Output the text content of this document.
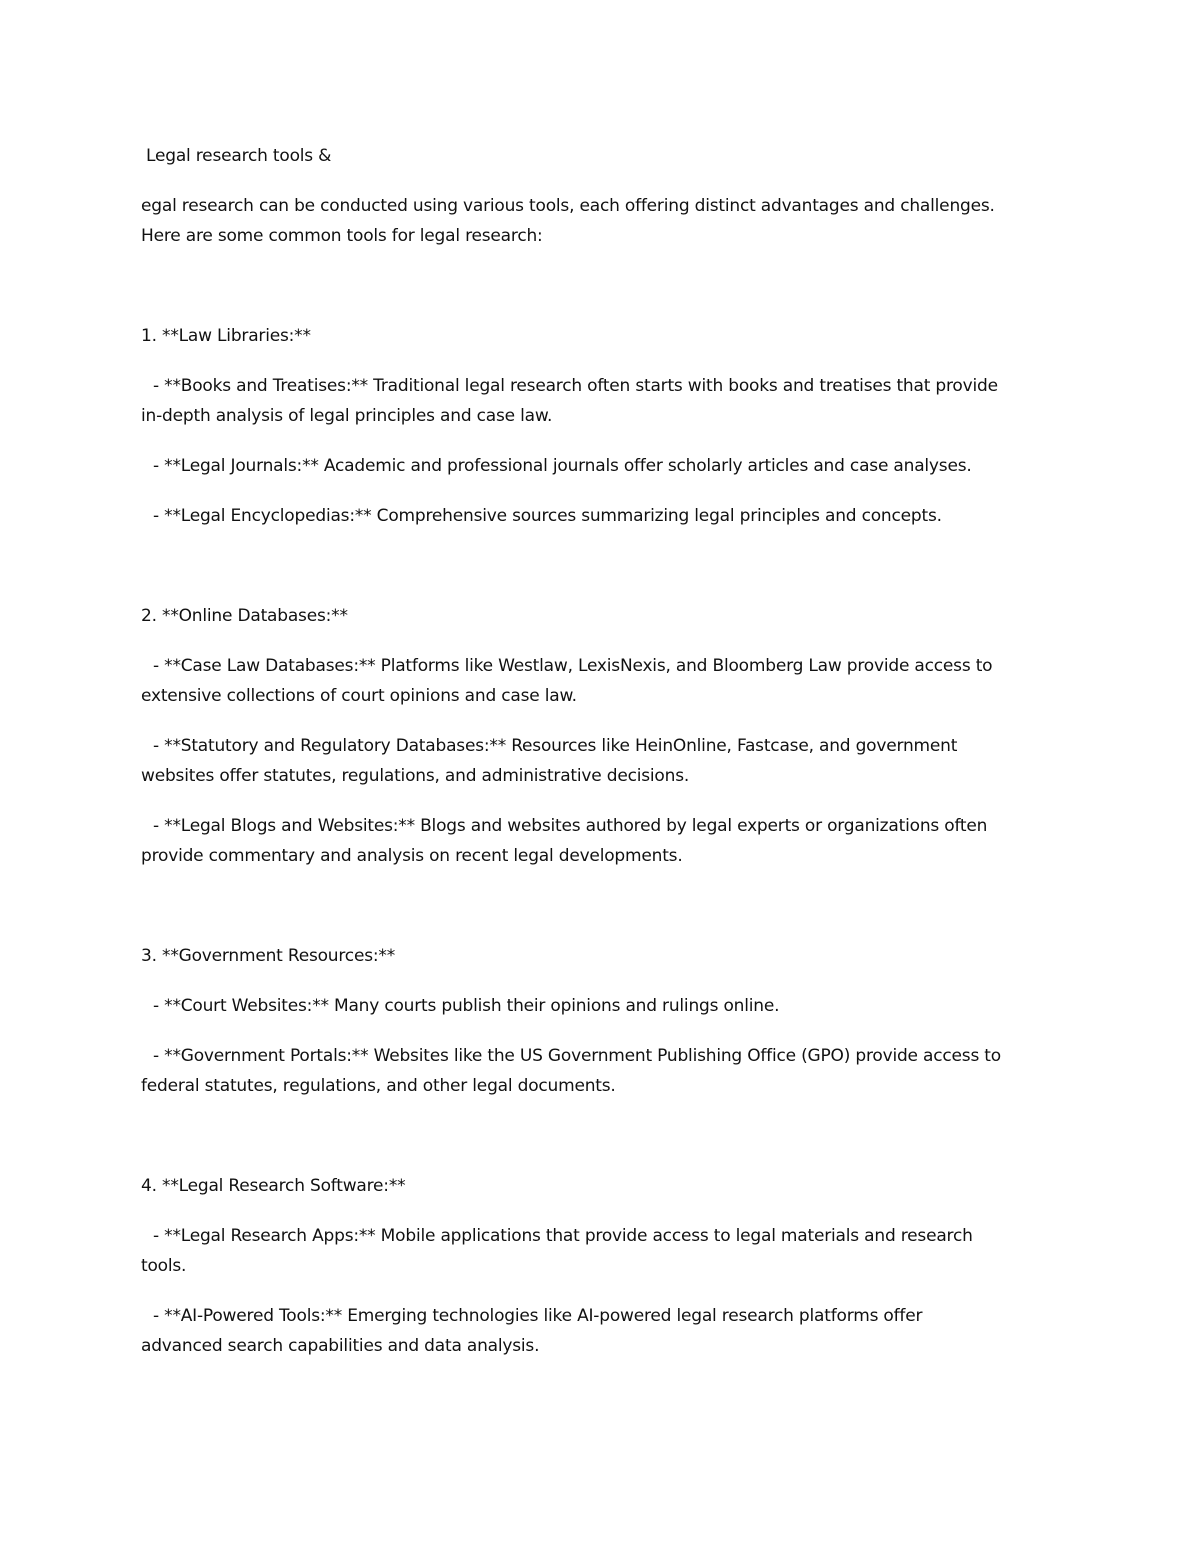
Legal research tools &
egal research can be conducted using various tools, each offering distinct advantages and challenges.
Here are some common tools for legal research:
1. **Law Libraries:**
- **Books and Treatises:** Traditional legal research often starts with books and treatises that provide
in-depth analysis of legal principles and case law.
- **Legal Journals:** Academic and professional journals offer scholarly articles and case analyses.
- **Legal Encyclopedias:** Comprehensive sources summarizing legal principles and concepts.
2. **Online Databases:**
- **Case Law Databases:** Platforms like Westlaw, LexisNexis, and Bloomberg Law provide access to
extensive collections of court opinions and case law.
- **Statutory and Regulatory Databases:** Resources like HeinOnline, Fastcase, and government
websites offer statutes, regulations, and administrative decisions.
- **Legal Blogs and Websites:** Blogs and websites authored by legal experts or organizations often
provide commentary and analysis on recent legal developments.
3. **Government Resources:**
- **Court Websites:** Many courts publish their opinions and rulings online.
- **Government Portals:** Websites like the US Government Publishing Office (GPO) provide access to
federal statutes, regulations, and other legal documents.
4. **Legal Research Software:**
- **Legal Research Apps:** Mobile applications that provide access to legal materials and research
tools.
- **AI-Powered Tools:** Emerging technologies like AI-powered legal research platforms offer
advanced search capabilities and data analysis.
